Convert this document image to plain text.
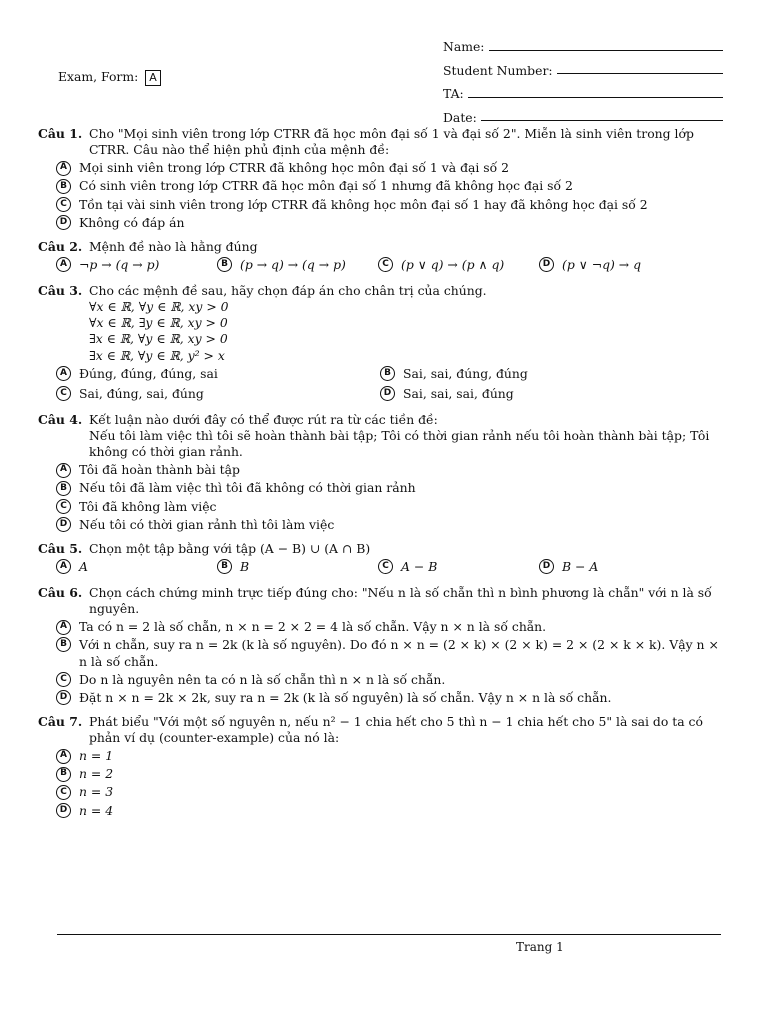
Exam, Form: A
Name:
Student Number:
TA:
Date:
Câu 1. Cho "Mọi sinh viên trong lớp CTRR đã học môn đại số 1 và đại số 2". Miễn là sinh viên trong lớp CTRR. Câu nào thể hiện phủ định của mệnh đề:
A Mọi sinh viên trong lớp CTRR đã không học môn đại số 1 và đại số 2
B Có sinh viên trong lớp CTRR đã học môn đại số 1 nhưng đã không học đại số 2
C Tồn tại vài sinh viên trong lớp CTRR đã không học môn đại số 1 hay đã không học đại số 2
D Không có đáp án
Câu 2. Mệnh đề nào là hằng đúng
A ¬p → (q → p)	B (p → q) → (q → p)	C (p ∨ q) → (p ∧ q)	D (p ∨ ¬q) → q
Câu 3. Cho các mệnh đề sau, hãy chọn đáp án cho chân trị của chúng.
∀x ∈ ℝ, ∀y ∈ ℝ, xy > 0
∀x ∈ ℝ, ∃y ∈ ℝ, xy > 0
∃x ∈ ℝ, ∀y ∈ ℝ, xy > 0
∃x ∈ ℝ, ∀y ∈ ℝ, y² > x
A Đúng, đúng, đúng, sai	B Sai, sai, đúng, đúng
C Sai, đúng, sai, đúng	D Sai, sai, sai, đúng
Câu 4. Kết luận nào dưới đây có thể được rút ra từ các tiền đề:
Nếu tôi làm việc thì tôi sẽ hoàn thành bài tập; Tôi có thời gian rảnh nếu tôi hoàn thành bài tập; Tôi không có thời gian rảnh.
A Tôi đã hoàn thành bài tập
B Nếu tôi đã làm việc thì tôi đã không có thời gian rảnh
C Tôi đã không làm việc
D Nếu tôi có thời gian rảnh thì tôi làm việc
Câu 5. Chọn một tập bằng với tập (A − B) ∪ (A ∩ B)
A A	B B	C A − B	D B − A
Câu 6. Chọn cách chứng minh trực tiếp đúng cho: "Nếu n là số chẵn thì n bình phương là chẵn" với n là số nguyên.
A Ta có n = 2 là số chẵn, n × n = 2 × 2 = 4 là số chẵn. Vậy n × n là số chẵn.
B Với n chẵn, suy ra n = 2k (k là số nguyên). Do đó n × n = (2 × k) × (2 × k) = 2 × (2 × k × k). Vậy n × n là số chẵn.
C Do n là nguyên nên ta có n là số chẵn thì n × n là số chẵn.
D Đặt n × n = 2k × 2k, suy ra n = 2k (k là số nguyên) là số chẵn. Vậy n × n là số chẵn.
Câu 7. Phát biểu "Với một số nguyên n, nếu n² − 1 chia hết cho 5 thì n − 1 chia hết cho 5" là sai do ta có phản ví dụ (counter-example) của nó là:
A n = 1
B n = 2
C n = 3
D n = 4
Trang 1
